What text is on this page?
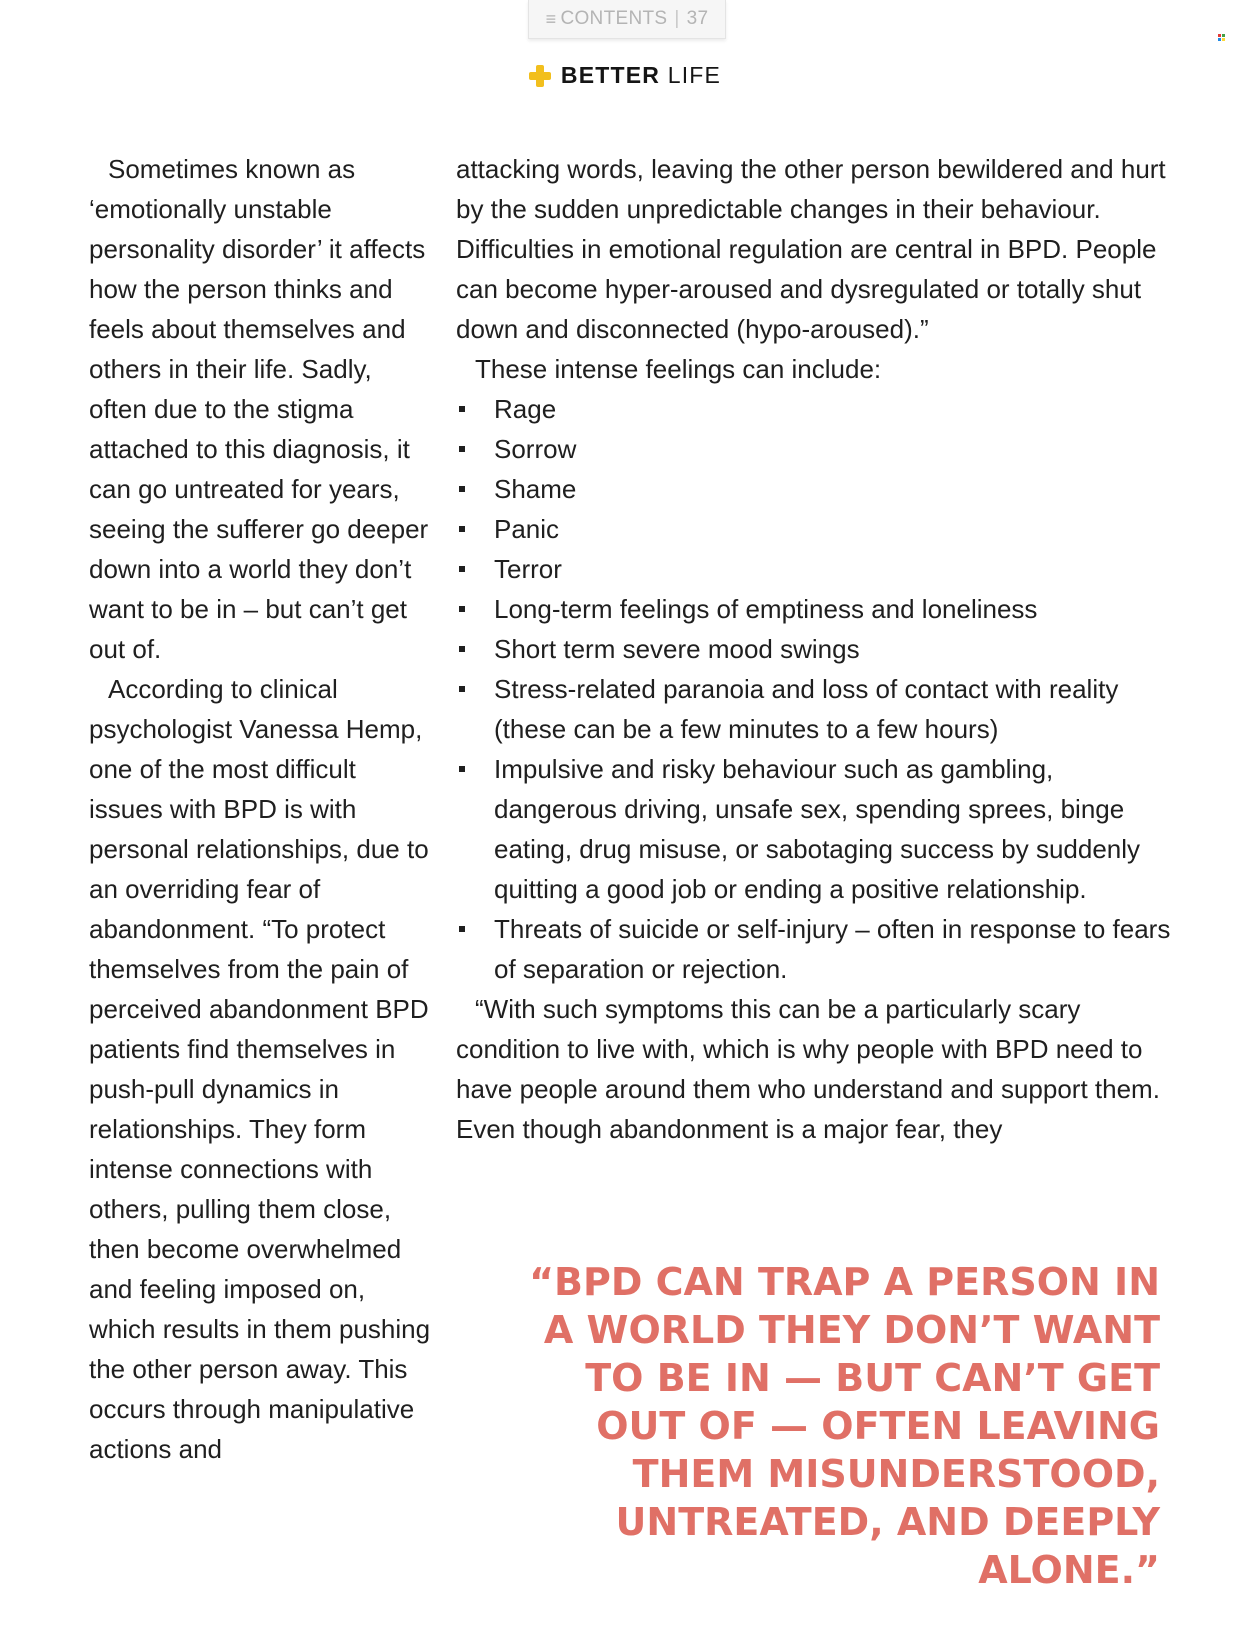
≡ CONTENTS | 37
BETTER LIFE

Sometimes known as ‘emotionally unstable personality disorder’ it affects how the person thinks and feels about themselves and others in their life. Sadly, often due to the stigma attached to this diagnosis, it can go untreated for years, seeing the sufferer go deeper down into a world they don’t want to be in – but can’t get out of.

According to clinical psychologist Vanessa Hemp, one of the most difficult issues with BPD is with personal relationships, due to an overriding fear of abandonment. “To protect themselves from the pain of perceived abandonment BPD patients find themselves in push-pull dynamics in relationships. They form intense connections with others, pulling them close, then become overwhelmed and feeling imposed on, which results in them pushing the other person away. This occurs through manipulative actions and

attacking words, leaving the other person bewildered and hurt by the sudden unpredictable changes in their behaviour. Difficulties in emotional regulation are central in BPD. People can become hyper-aroused and dysregulated or totally shut down and disconnected (hypo-aroused).”

These intense feelings can include:

Rage
Sorrow
Shame
Panic
Terror
Long-term feelings of emptiness and loneliness
Short term severe mood swings
Stress-related paranoia and loss of contact with reality (these can be a few minutes to a few hours)
Impulsive and risky behaviour such as gambling, dangerous driving, unsafe sex, spending sprees, binge eating, drug misuse, or sabotaging success by suddenly quitting a good job or ending a positive relationship.
Threats of suicide or self-injury – often in response to fears of separation or rejection.

“With such symptoms this can be a particularly scary condition to live with, which is why people with BPD need to have people around them who understand and support them. Even though abandonment is a major fear, they

“BPD CAN TRAP A PERSON IN A WORLD THEY DON’T WANT TO BE IN — BUT CAN’T GET OUT OF — OFTEN LEAVING THEM MISUNDERSTOOD, UNTREATED, AND DEEPLY ALONE.”
